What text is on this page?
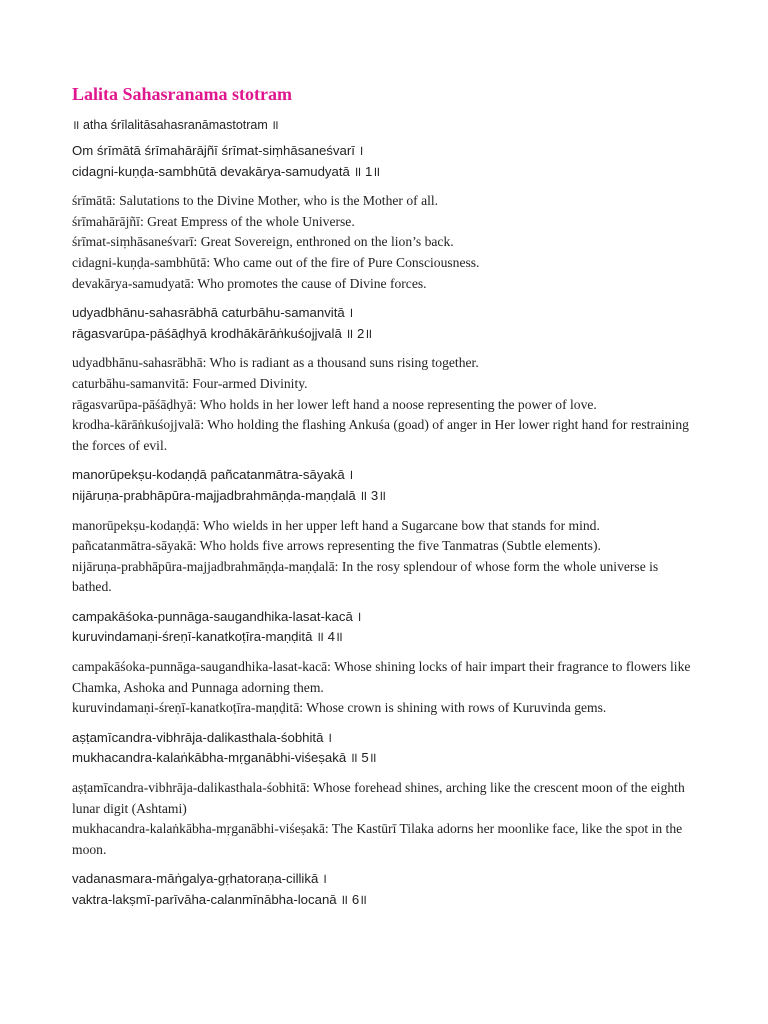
Lalita Sahasranama stotram
॥ atha śrīlalitāsahasranāmastotram ॥
Om śrīmātā śrīmahārājñī śrīmat-siṃhāsaneśvarī ।
cidagni-kuṇḍa-sambhūtā devakārya-samudyatā ॥ 1॥
śrīmātā: Salutations to the Divine Mother, who is the Mother of all.
śrīmahārājñī: Great Empress of the whole Universe.
śrīmat-siṃhāsaneśvarī: Great Sovereign, enthroned on the lion’s back.
cidagni-kuṇḍa-sambhūtā: Who came out of the fire of Pure Consciousness.
devakārya-samudyatā: Who promotes the cause of Divine forces.
udyadbhānu-sahasrābhā caturbāhu-samanvitā ।
rāgasvarūpa-pāśāḍhyā krodhākārāṅkuśojjvalā ॥ 2॥
udyadbhānu-sahasrābhā: Who is radiant as a thousand suns rising together.
caturbāhu-samanvitā: Four-armed Divinity.
rāgasvarūpa-pāśāḍhyā: Who holds in her lower left hand a noose representing the power of love.
krodha-kārāṅkuśojjvalā: Who holding the flashing Ankuśa (goad) of anger in Her lower right hand for restraining the forces of evil.
manorūpekṣu-kodaṇḍā pañcatanmātra-sāyakā ।
nijāruṇa-prabhāpūra-majjadbrahmāṇḍa-maṇḍalā ॥ 3॥
manorūpekṣu-kodaṇḍā: Who wields in her upper left hand a Sugarcane bow that stands for mind.
pañcatanmātra-sāyakā: Who holds five arrows representing the five Tanmatras (Subtle elements).
nijāruṇa-prabhāpūra-majjadbrahmāṇḍa-maṇḍalā: In the rosy splendour of whose form the whole universe is bathed.
campakāśoka-punnāga-saugandhika-lasat-kacā ।
kuruvindamaṇi-śreṇī-kanatkoṭīra-maṇḍitā ॥ 4॥
campakāśoka-punnāga-saugandhika-lasat-kacā: Whose shining locks of hair impart their fragrance to flowers like Chamka, Ashoka and Punnaga adorning them.
kuruvindamaṇi-śreṇī-kanatkoṭīra-maṇḍitā: Whose crown is shining with rows of Kuruvinda gems.
aṣṭamīcandra-vibhrāja-dalikasthala-śobhitā ।
mukhacandra-kalaṅkābha-mṛganābhi-viśeṣakā ॥ 5॥
aṣṭamīcandra-vibhrāja-dalikasthala-śobhitā: Whose forehead shines, arching like the crescent moon of the eighth lunar digit (Ashtami)
mukhacandra-kalaṅkābha-mṛganābhi-viśeṣakā: The Kastūrī Tilaka adorns her moonlike face, like the spot in the moon.
vadanasmara-māṅgalya-gṛhatoraṇa-cillikā ।
vaktra-lakṣmī-parīvāha-calanmīnābha-locanā ॥ 6॥
